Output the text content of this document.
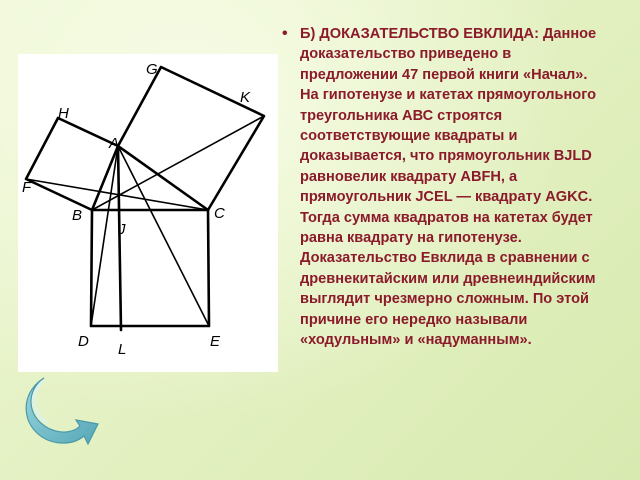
G
K
H
A
F
B	C
J
D L	E
• Б) ДОКАЗАТЕЛЬСТВО ЕВКЛИДА: Данное доказательство приведено в предложении 47 первой книги «Начал». На гипотенузе и катетах прямоугольного треугольника АВС строятся соответствующие квадраты и доказывается, что прямоугольник BJLD равновелик квадрату ABFH, а прямоугольник JCEL — квадрату AGKC. Тогда сумма квадратов на катетах будет равна квадрату на гипотенузе. Доказательство Евклида в сравнении с древнекитайским или древнеиндийским выглядит чрезмерно сложным. По этой причине его нередко называли «ходульным» и «надуманным».
